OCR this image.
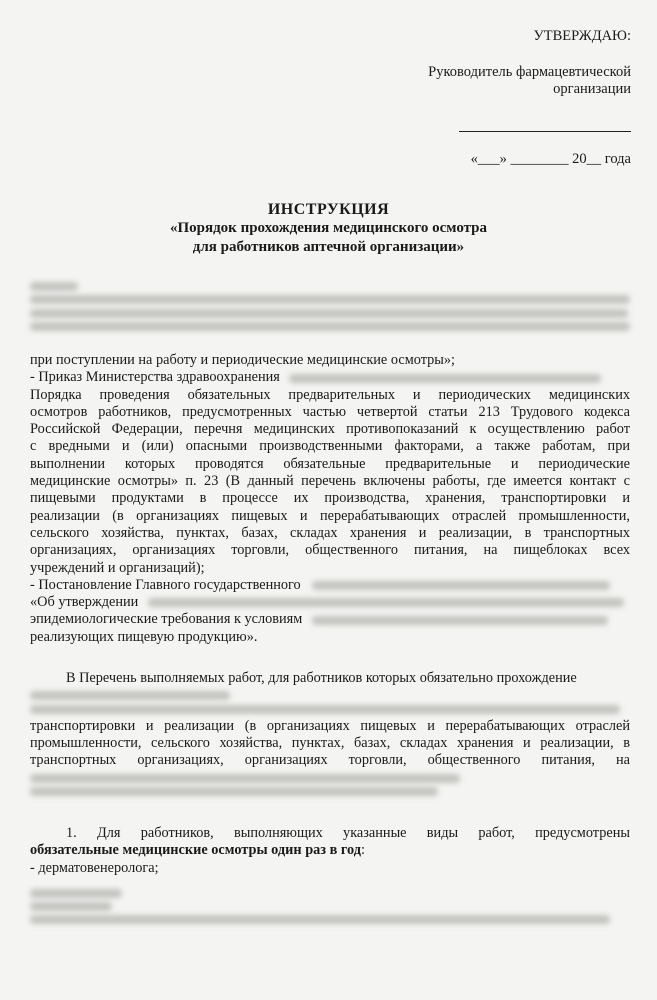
УТВЕРЖДАЮ:
Руководитель фармацевтической
организации
«___» ________ 20__ года
ИНСТРУКЦИЯ
«Порядок прохождения медицинского осмотра
для работников аптечной организации»
при поступлении на работу и периодические медицинские осмотры»;
- Приказ Министерства здравоохранения
Порядка проведения обязательных предварительных и периодических медицинских
осмотров работников, предусмотренных частью четвертой статьи 213 Трудового кодекса
Российской Федерации, перечня медицинских противопоказаний к осуществлению работ
с вредными и (или) опасными производственными факторами, а также работам, при
выполнении которых проводятся обязательные предварительные и периодические
медицинские осмотры» п. 23 (В данный перечень включены работы, где имеется контакт с
пищевыми продуктами в процессе их производства, хранения, транспортировки и
реализации (в организациях пищевых и перерабатывающих отраслей промышленности,
сельского хозяйства, пунктах, базах, складах хранения и реализации, в транспортных
организациях, организациях торговли, общественного питания, на пищеблоках всех
учреждений и организаций);
- Постановление Главного государственного
«Об утверждении
эпидемиологические требования к условиям
реализующих пищевую продукцию».
В Перечень выполняемых работ, для работников которых обязательно прохождение
транспортировки и реализации (в организациях пищевых и перерабатывающих отраслей
промышленности, сельского хозяйства, пунктах, базах, складах хранения и реализации, в
транспортных организациях, организациях торговли, общественного питания, на
1. Для работников, выполняющих указанные виды работ, предусмотрены
обязательные медицинские осмотры один раз в год:
- дерматовенеролога;
